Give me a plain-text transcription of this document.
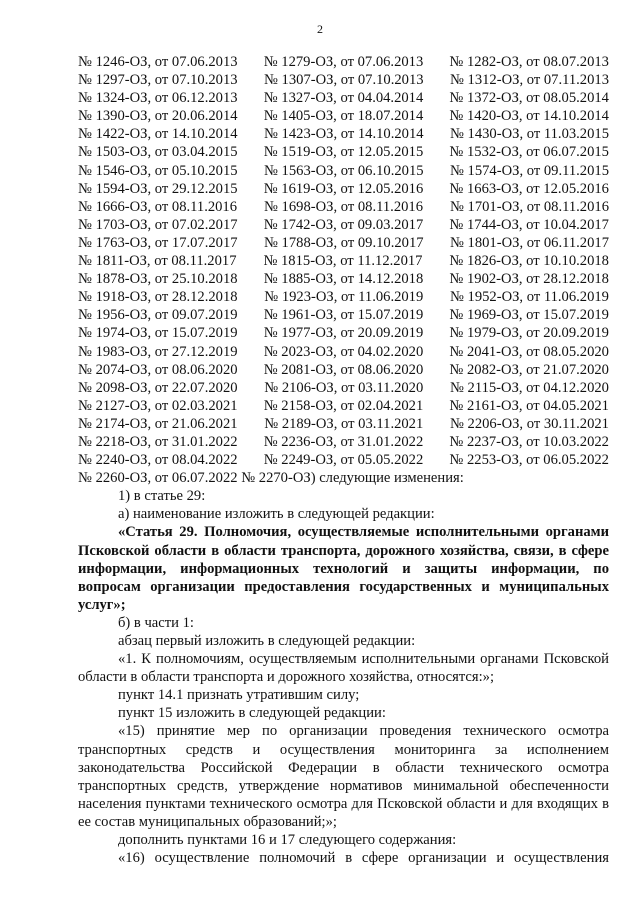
2
№ 1246-ОЗ, от 07.06.2013 № 1279-ОЗ, от 07.06.2013 № 1282-ОЗ, от 08.07.2013
№ 1297-ОЗ, от 07.10.2013 № 1307-ОЗ, от 07.10.2013 № 1312-ОЗ, от 07.11.2013
№ 1324-ОЗ, от 06.12.2013 № 1327-ОЗ, от 04.04.2014 № 1372-ОЗ, от 08.05.2014
№ 1390-ОЗ, от 20.06.2014 № 1405-ОЗ, от 18.07.2014 № 1420-ОЗ, от 14.10.2014
№ 1422-ОЗ, от 14.10.2014 № 1423-ОЗ, от 14.10.2014 № 1430-ОЗ, от 11.03.2015
№ 1503-ОЗ, от 03.04.2015 № 1519-ОЗ, от 12.05.2015 № 1532-ОЗ, от 06.07.2015
№ 1546-ОЗ, от 05.10.2015 № 1563-ОЗ, от 06.10.2015 № 1574-ОЗ, от 09.11.2015
№ 1594-ОЗ, от 29.12.2015 № 1619-ОЗ, от 12.05.2016 № 1663-ОЗ, от 12.05.2016
№ 1666-ОЗ, от 08.11.2016 № 1698-ОЗ, от 08.11.2016 № 1701-ОЗ, от 08.11.2016
№ 1703-ОЗ, от 07.02.2017 № 1742-ОЗ, от 09.03.2017 № 1744-ОЗ, от 10.04.2017
№ 1763-ОЗ, от 17.07.2017 № 1788-ОЗ, от 09.10.2017 № 1801-ОЗ, от 06.11.2017
№ 1811-ОЗ, от 08.11.2017 № 1815-ОЗ, от 11.12.2017 № 1826-ОЗ, от 10.10.2018
№ 1878-ОЗ, от 25.10.2018 № 1885-ОЗ, от 14.12.2018 № 1902-ОЗ, от 28.12.2018
№ 1918-ОЗ, от 28.12.2018 № 1923-ОЗ, от 11.06.2019 № 1952-ОЗ, от 11.06.2019
№ 1956-ОЗ, от 09.07.2019 № 1961-ОЗ, от 15.07.2019 № 1969-ОЗ, от 15.07.2019
№ 1974-ОЗ, от 15.07.2019 № 1977-ОЗ, от 20.09.2019 № 1979-ОЗ, от 20.09.2019
№ 1983-ОЗ, от 27.12.2019 № 2023-ОЗ, от 04.02.2020 № 2041-ОЗ, от 08.05.2020
№ 2074-ОЗ, от 08.06.2020 № 2081-ОЗ, от 08.06.2020 № 2082-ОЗ, от 21.07.2020
№ 2098-ОЗ, от 22.07.2020 № 2106-ОЗ, от 03.11.2020 № 2115-ОЗ, от 04.12.2020
№ 2127-ОЗ, от 02.03.2021 № 2158-ОЗ, от 02.04.2021 № 2161-ОЗ, от 04.05.2021
№ 2174-ОЗ, от 21.06.2021 № 2189-ОЗ, от 03.11.2021 № 2206-ОЗ, от 30.11.2021
№ 2218-ОЗ, от 31.01.2022 № 2236-ОЗ, от 31.01.2022 № 2237-ОЗ, от 10.03.2022
№ 2240-ОЗ, от 08.04.2022 № 2249-ОЗ, от 05.05.2022 № 2253-ОЗ, от 06.05.2022
№ 2260-ОЗ, от 06.07.2022 № 2270-ОЗ) следующие изменения:

1) в статье 29:

а) наименование изложить в следующей редакции:

«Статья 29. Полномочия, осуществляемые исполнительными органами Псковской области в области транспорта, дорожного хозяйства, связи, в сфере информации, информационных технологий и защиты информации, по вопросам организации предоставления государственных и муниципальных услуг»;

б) в части 1:

абзац первый изложить в следующей редакции:

«1. К полномочиям, осуществляемым исполнительными органами Псковской области в области транспорта и дорожного хозяйства, относятся:»;

пункт 14.1 признать утратившим силу;

пункт 15 изложить в следующей редакции:

«15) принятие мер по организации проведения технического осмотра транспортных средств и осуществления мониторинга за исполнением законодательства Российской Федерации в области технического осмотра транспортных средств, утверждение нормативов минимальной обеспеченности населения пунктами технического осмотра для Псковской области и для входящих в ее состав муниципальных образований;»;

дополнить пунктами 16 и 17 следующего содержания:

«16) осуществление полномочий в сфере организации и осуществления
